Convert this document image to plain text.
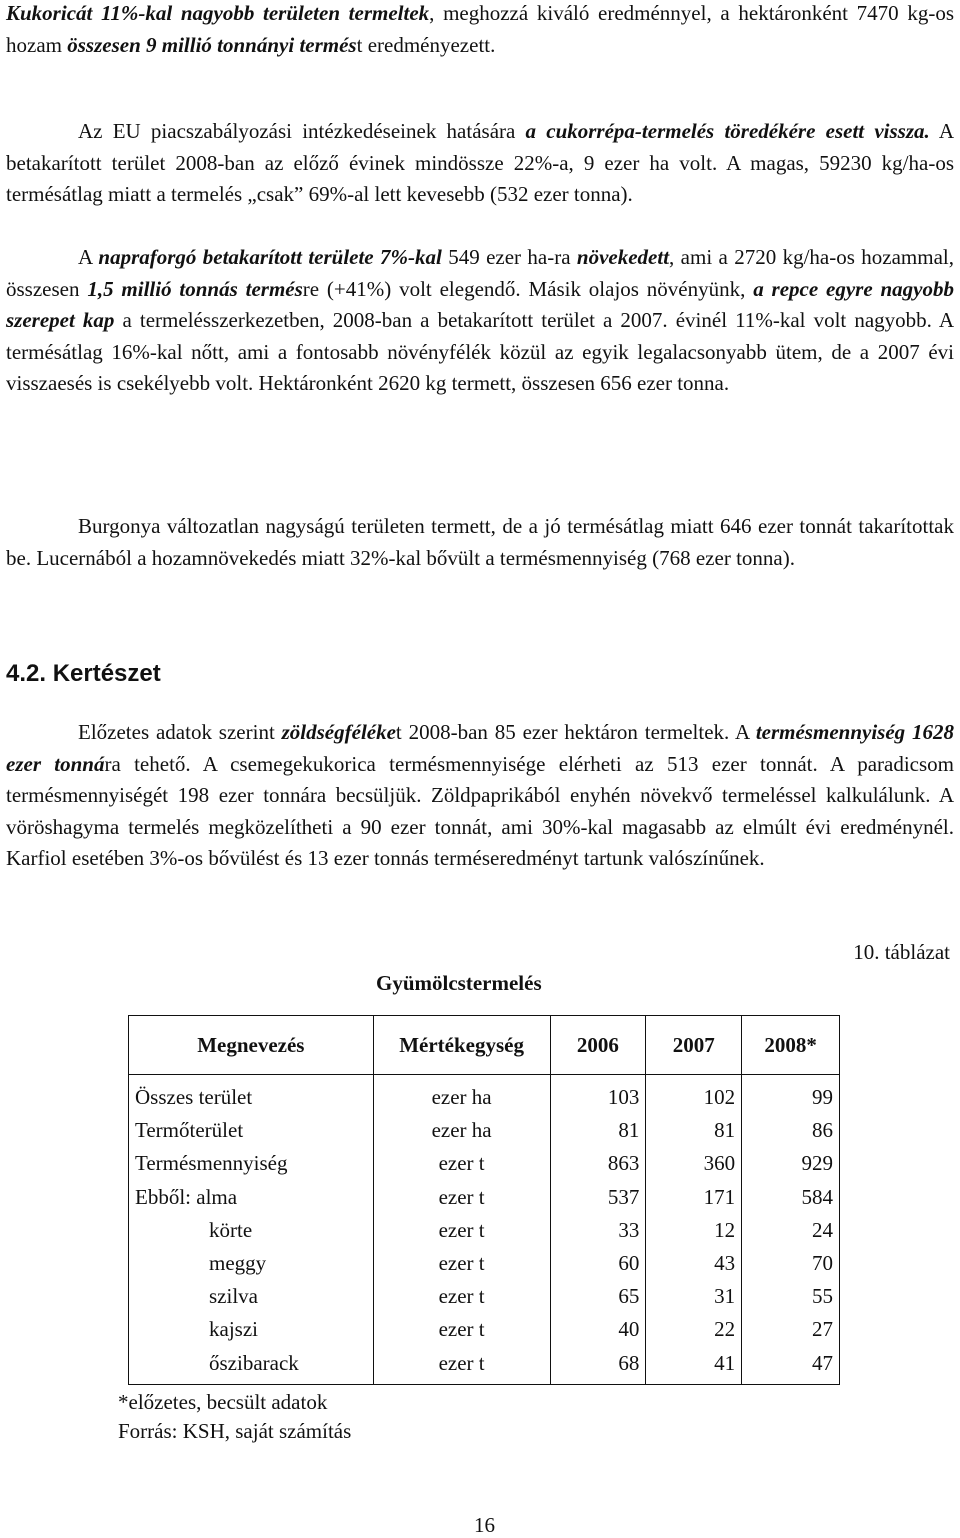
Kukoricát 11%-kal nagyobb területen termeltek, meghozzá kiváló eredménnyel, a hektáronként 7470 kg-os hozam összesen 9 millió tonnányi termést eredményezett.

Az EU piacszabályozási intézkedéseinek hatására a cukorrépa-termelés töredékére esett vissza. A betakarított terület 2008-ban az előző évinek mindössze 22%-a, 9 ezer ha volt. A magas, 59230 kg/ha-os termésátlag miatt a termelés „csak” 69%-al lett kevesebb (532 ezer tonna).

A napraforgó betakarított területe 7%-kal 549 ezer ha-ra növekedett, ami a 2720 kg/ha-os hozammal, összesen 1,5 millió tonnás termésre (+41%) volt elegendő. Másik olajos növényünk, a repce egyre nagyobb szerepet kap a termelésszerkezetben, 2008-ban a betakarított terület a 2007. évinél 11%-kal volt nagyobb. A termésátlag 16%-kal nőtt, ami a fontosabb növényfélék közül az egyik legalacsonyabb ütem, de a 2007 évi visszaesés is csekélyebb volt. Hektáronként 2620 kg termett, összesen 656 ezer tonna.

Burgonya változatlan nagyságú területen termett, de a jó termésátlag miatt 646 ezer tonnát takarítottak be. Lucernából a hozamnövekedés miatt 32%-kal bővült a termésmennyiség (768 ezer tonna).

4.2. Kertészet

Előzetes adatok szerint zöldségféléket 2008-ban 85 ezer hektáron termeltek. A termésmennyiség 1628 ezer tonnára tehető. A csemegekukorica termésmennyisége elérheti az 513 ezer tonnát. A paradicsom termésmennyiségét 198 ezer tonnára becsüljük. Zöldpaprikából enyhén növekvő termeléssel kalkulálunk. A vöröshagyma termelés megközelítheti a 90 ezer tonnát, ami 30%-kal magasabb az elmúlt évi eredménynél. Karfiol esetében 3%-os bővülést és 13 ezer tonnás terméseredményt tartunk valószínűnek.

10. táblázat
Gyümölcstermelés
Megnevezés	Mértékegység	2006	2007	2008*
Összes terület	ezer ha	103	102	99
Termőterület	ezer ha	81	81	86
Termésmennyiség	ezer t	863	360	929
Ebből: alma	ezer t	537	171	584
körte	ezer t	33	12	24
meggy	ezer t	60	43	70
szilva	ezer t	65	31	55
kajszi	ezer t	40	22	27
őszibarack	ezer t	68	41	47
*előzetes, becsült adatok
Forrás: KSH, saját számítás
16
